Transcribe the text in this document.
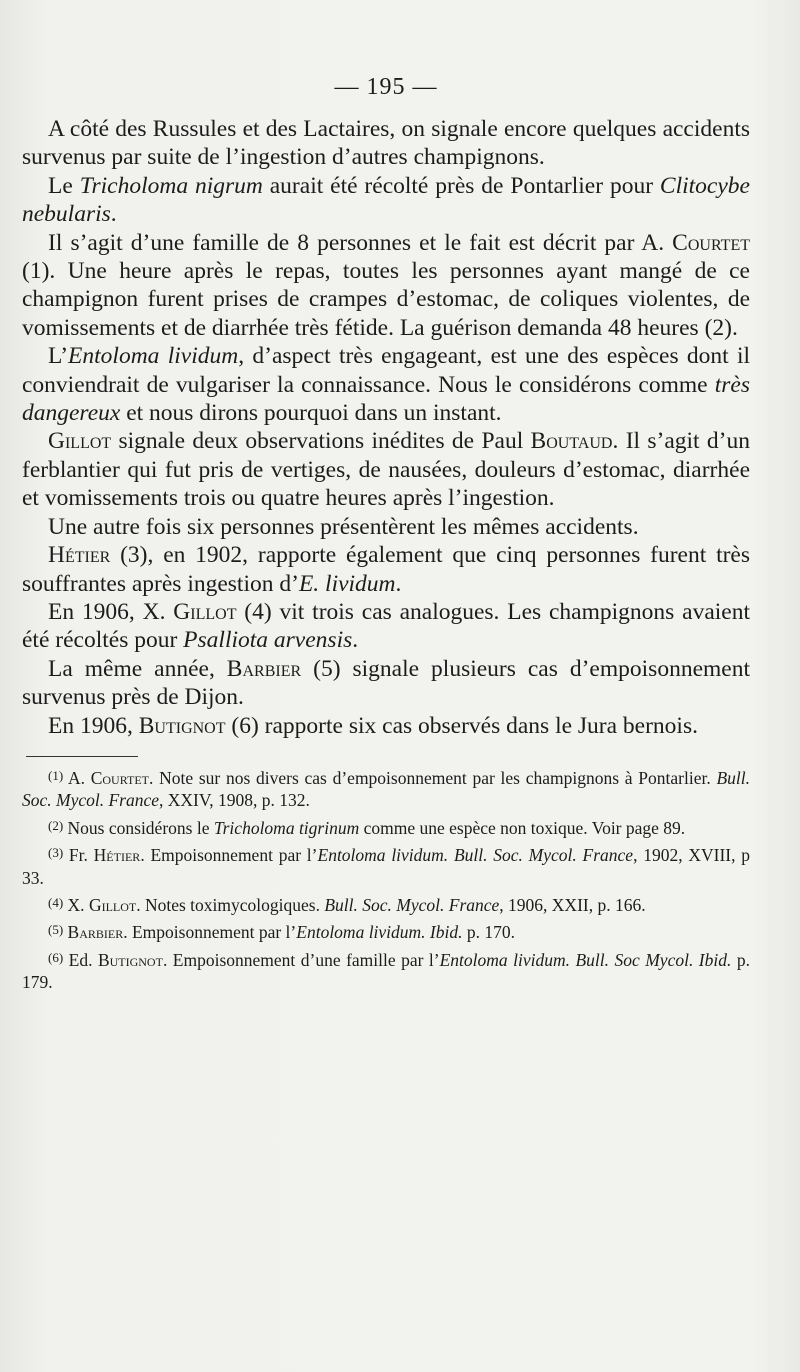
— 195 —

A côté des Russules et des Lactaires, on signale encore quelques accidents survenus par suite de l’ingestion d’autres champignons.

Le Tricholoma nigrum aurait été récolté près de Pontarlier pour Clitocybe nebularis.

Il s’agit d’une famille de 8 personnes et le fait est décrit par A. Courtet (1). Une heure après le repas, toutes les personnes ayant mangé de ce champignon furent prises de crampes d’estomac, de coliques violentes, de vomissements et de diarrhée très fétide. La guérison demanda 48 heures (2).

L’Entoloma lividum, d’aspect très engageant, est une des espèces dont il conviendrait de vulgariser la connaissance. Nous le considérons comme très dangereux et nous dirons pourquoi dans un instant.

Gillot signale deux observations inédites de Paul Boutaud. Il s’agit d’un ferblantier qui fut pris de vertiges, de nausées, douleurs d’estomac, diarrhée et vomissements trois ou quatre heures après l’ingestion.

Une autre fois six personnes présentèrent les mêmes accidents.

Hétier (3), en 1902, rapporte également que cinq personnes furent très souffrantes après ingestion d’E. lividum.

En 1906, X. Gillot (4) vit trois cas analogues. Les champignons avaient été récoltés pour Psalliota arvensis.

La même année, Barbier (5) signale plusieurs cas d’empoisonnement survenus près de Dijon.

En 1906, Butignot (6) rapporte six cas observés dans le Jura bernois.

$^{(1)}$ A. Courtet. Note sur nos divers cas d’empoisonnement par les champignons à Pontarlier. Bull. Soc. Mycol. France, XXIV, 1908, p. 132.

$^{(2)}$ Nous considérons le Tricholoma tigrinum comme une espèce non toxique. Voir page 89.

$^{(3)}$ Fr. Hétier. Empoisonnement par l’Entoloma lividum. Bull. Soc. Mycol. France, 1902, XVIII, p 33.

$^{(4)}$ X. Gillot. Notes toximycologiques. Bull. Soc. Mycol. France, 1906, XXII, p. 166.

$^{(5)}$ Barbier. Empoisonnement par l’Entoloma lividum. Ibid. p. 170.

$^{(6)}$ Ed. Butignot. Empoisonnement d’une famille par l’Entoloma lividum. Bull. Soc Mycol. Ibid. p. 179.
